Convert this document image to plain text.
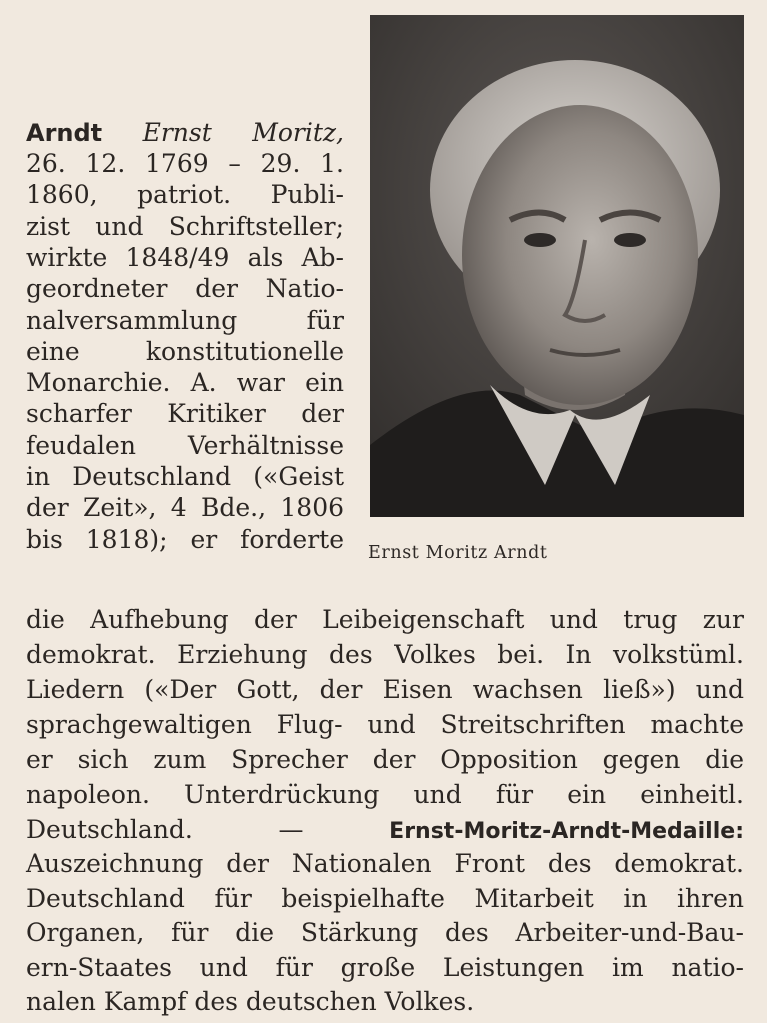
Ernst Moritz Arndt
Arndt Ernst Moritz,
26. 12. 1769 – 29. 1.
1860, patriot. Publi-
zist und Schriftsteller;
wirkte 1848/49 als Ab-
geordneter der Natio-
nalversammlung für
eine konstitutionelle
Monarchie. A. war ein
scharfer Kritiker der
feudalen Verhältnisse
in Deutschland («Geist
der Zeit», 4 Bde., 1806
bis 1818); er forderte
die Aufhebung der Leibeigenschaft und trug zur
demokrat. Erziehung des Volkes bei. In volkstüml.
Liedern («Der Gott, der Eisen wachsen ließ») und
sprachgewaltigen Flug- und Streitschriften machte
er sich zum Sprecher der Opposition gegen die
napoleon. Unterdrückung und für ein einheitl.
Deutschland. —	Ernst-Moritz-Arndt-Medaille:
Auszeichnung der Nationalen Front des demokrat.
Deutschland für beispielhafte Mitarbeit in ihren
Organen, für die Stärkung des Arbeiter-und-Bau-
ern-Staates und für große Leistungen im natio-
nalen Kampf des deutschen Volkes.
